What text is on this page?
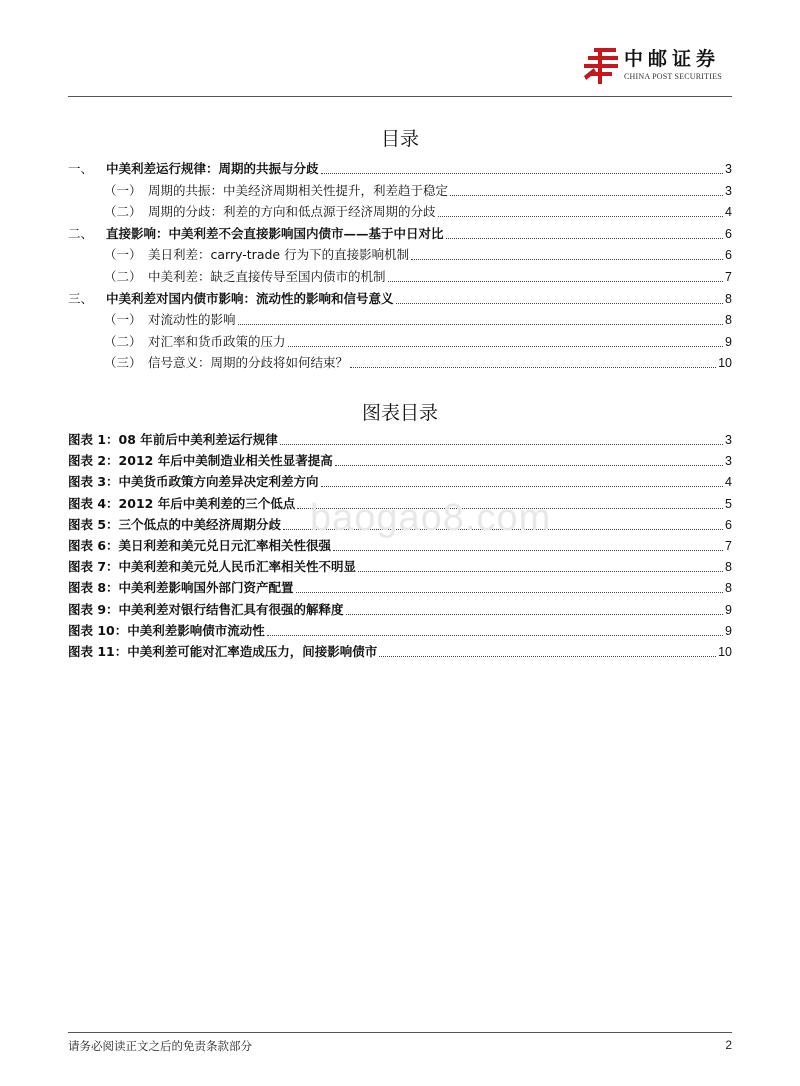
中邮证券
CHINA POST SECURITIES
目录
一、	中美利差运行规律：周期的共振与分歧	3
（一） 周期的共振：中美经济周期相关性提升，利差趋于稳定	3
（二） 周期的分歧：利差的方向和低点源于经济周期的分歧	4
二、	直接影响：中美利差不会直接影响国内债市——基于中日对比	6
（一） 美日利差：carry-trade 行为下的直接影响机制	6
（二） 中美利差：缺乏直接传导至国内债市的机制	7
三、	中美利差对国内债市影响：流动性的影响和信号意义	8
（一） 对流动性的影响	8
（二） 对汇率和货币政策的压力	9
（三） 信号意义：周期的分歧将如何结束？	10
图表目录
图表 1：08 年前后中美利差运行规律	3
图表 2：2012 年后中美制造业相关性显著提高	3
图表 3：中美货币政策方向差异决定利差方向	4
图表 4：2012 年后中美利差的三个低点	5
图表 5：三个低点的中美经济周期分歧	6
图表 6：美日利差和美元兑日元汇率相关性很强	7
图表 7：中美利差和美元兑人民币汇率相关性不明显	8
图表 8：中美利差影响国外部门资产配置	8
图表 9：中美利差对银行结售汇具有很强的解释度	9
图表 10：中美利差影响债市流动性	9
图表 11：中美利差可能对汇率造成压力，间接影响债市	10
baogao8.com
请务必阅读正文之后的免责条款部分	2
